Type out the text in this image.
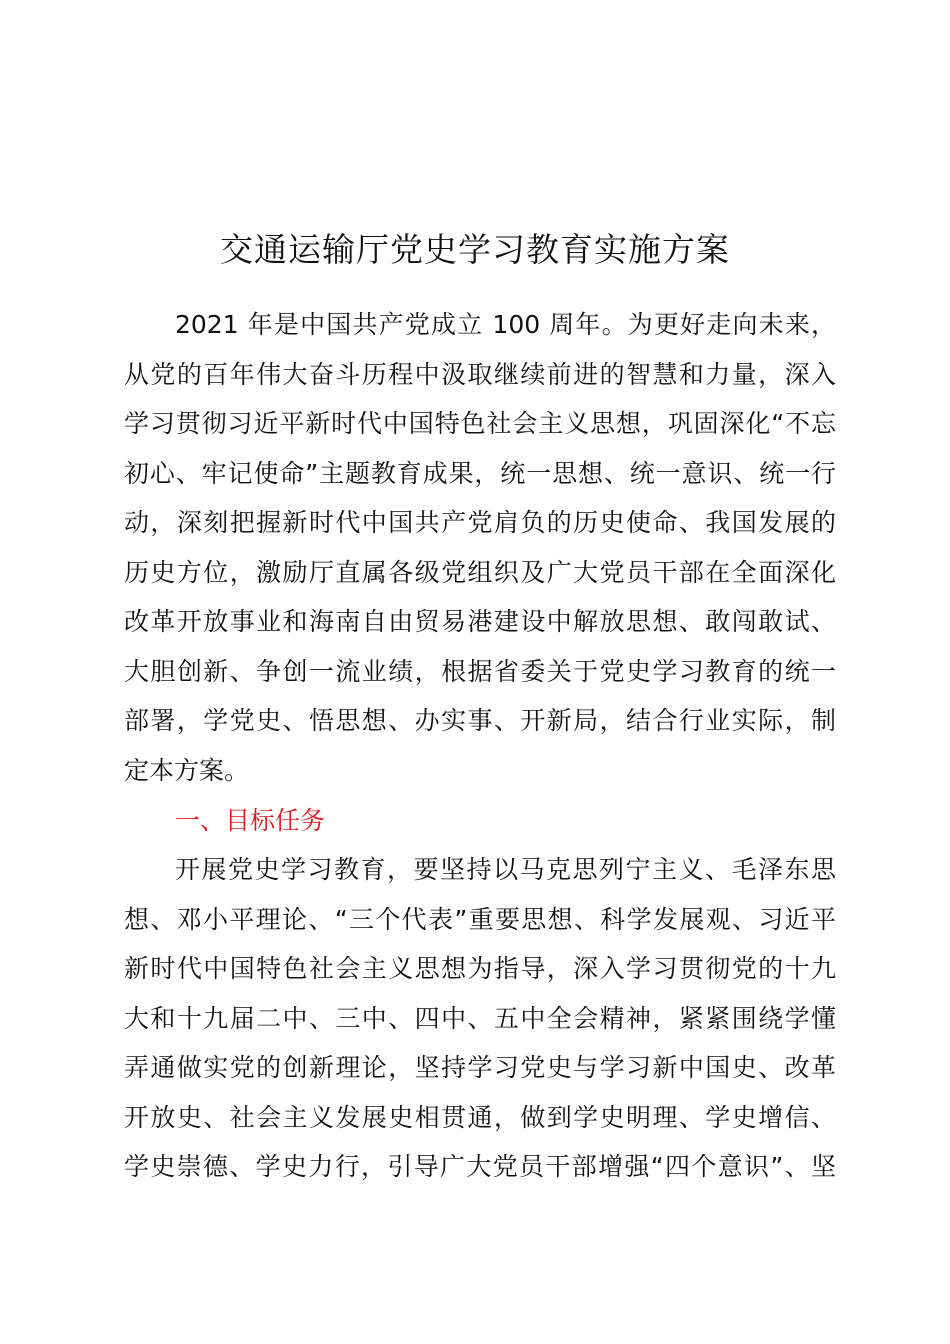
交通运输厅党史学习教育实施方案

2021 年是中国共产党成立 100 周年。为更好走向未来，

从党的百年伟大奋斗历程中汲取继续前进的智慧和力量，深入

学习贯彻习近平新时代中国特色社会主义思想，巩固深化“不忘

初心、牢记使命”主题教育成果，统一思想、统一意识、统一行

动，深刻把握新时代中国共产党肩负的历史使命、我国发展的

历史方位，激励厅直属各级党组织及广大党员干部在全面深化

改革开放事业和海南自由贸易港建设中解放思想、敢闯敢试、

大胆创新、争创一流业绩，根据省委关于党史学习教育的统一

部署，学党史、悟思想、办实事、开新局，结合行业实际，制

定本方案。

一、目标任务

开展党史学习教育，要坚持以马克思列宁主义、毛泽东思

想、邓小平理论、“三个代表”重要思想、科学发展观、习近平

新时代中国特色社会主义思想为指导，深入学习贯彻党的十九

大和十九届二中、三中、四中、五中全会精神，紧紧围绕学懂

弄通做实党的创新理论，坚持学习党史与学习新中国史、改革

开放史、社会主义发展史相贯通，做到学史明理、学史增信、

学史崇德、学史力行，引导广大党员干部增强“四个意识”、坚
